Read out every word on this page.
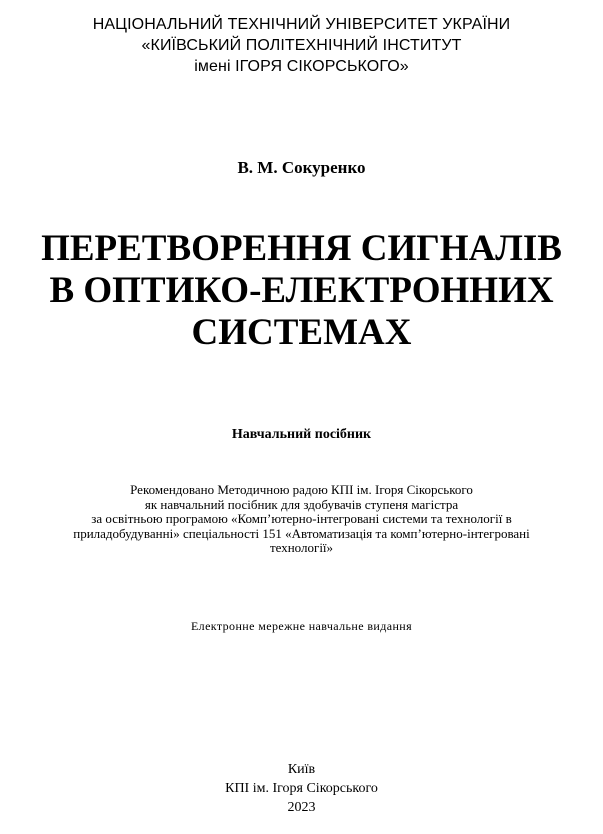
НАЦІОНАЛЬНИЙ ТЕХНІЧНИЙ УНІВЕРСИТЕТ УКРАЇНИ
«КИЇВСЬКИЙ ПОЛІТЕХНІЧНИЙ ІНСТИТУТ
імені ІГОРЯ СІКОРСЬКОГО»
В. М. Сокуренко
ПЕРЕТВОРЕННЯ СИГНАЛІВ
В ОПТИКО-ЕЛЕКТРОННИХ
СИСТЕМАХ
Навчальний посібник
Рекомендовано Методичною радою КПІ ім. Ігоря Сікорського
як навчальний посібник для здобувачів ступеня магістра
за освітньою програмою «Комп’ютерно-інтегровані системи та технології в
приладобудуванні» спеціальності 151 «Автоматизація та комп’ютерно-інтегровані
технології»
Електронне мережне навчальне видання
Київ
КПІ ім. Ігоря Сікорського
2023
